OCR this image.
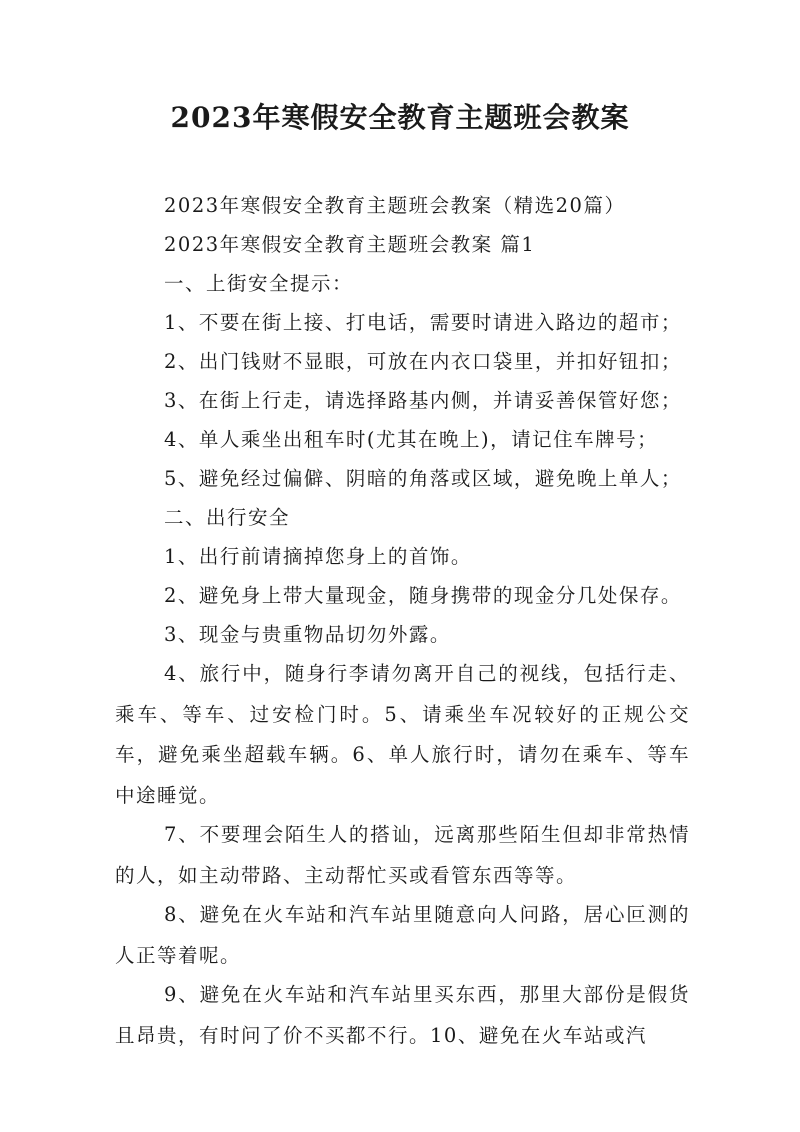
2023年寒假安全教育主题班会教案
2023年寒假安全教育主题班会教案（精选20篇）
2023年寒假安全教育主题班会教案 篇1
一、上街安全提示：
1、不要在街上接、打电话，需要时请进入路边的超市；
2、出门钱财不显眼，可放在内衣口袋里，并扣好钮扣；
3、在街上行走，请选择路基内侧，并请妥善保管好您；
4、单人乘坐出租车时(尤其在晚上)，请记住车牌号；
5、避免经过偏僻、阴暗的角落或区域，避免晚上单人；
二、出行安全
1、出行前请摘掉您身上的首饰。
2、避免身上带大量现金，随身携带的现金分几处保存。
3、现金与贵重物品切勿外露。
4、旅行中，随身行李请勿离开自己的视线，包括行走、乘车、等车、过安检门时。5、请乘坐车况较好的正规公交车，避免乘坐超载车辆。6、单人旅行时，请勿在乘车、等车中途睡觉。
7、不要理会陌生人的搭讪，远离那些陌生但却非常热情的人，如主动带路、主动帮忙买或看管东西等等。
8、避免在火车站和汽车站里随意向人问路，居心叵测的人正等着呢。
9、避免在火车站和汽车站里买东西，那里大部份是假货且昂贵，有时问了价不买都不行。10、避免在火车站或汽
